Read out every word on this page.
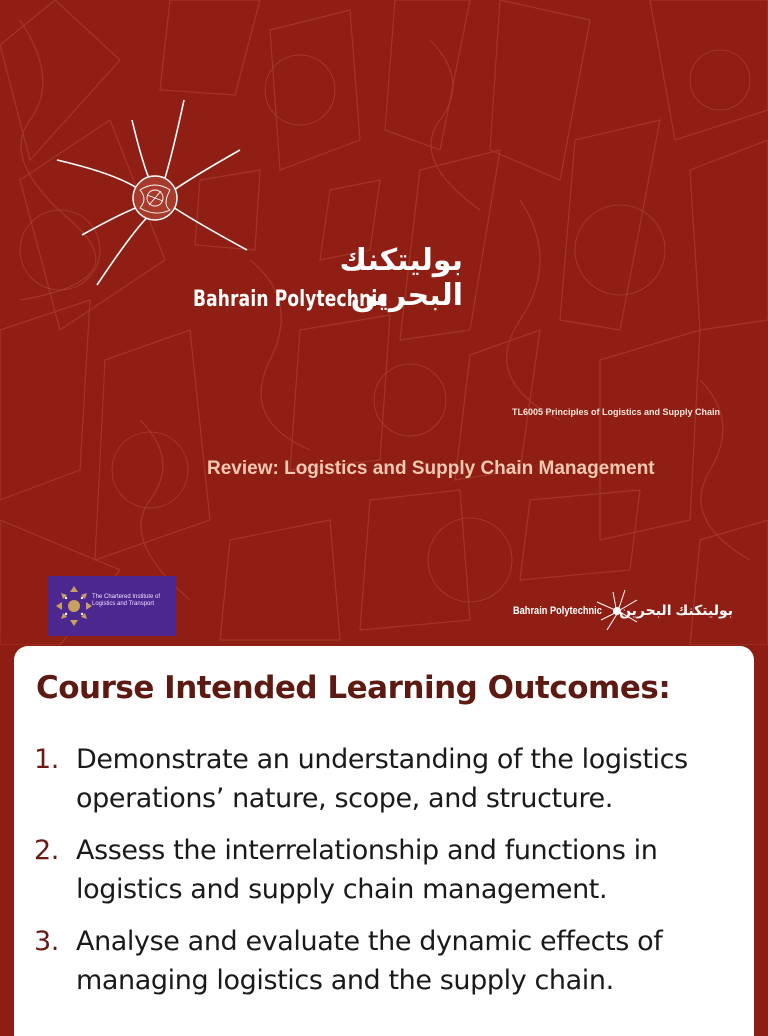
بوليتكنك البحرين
Bahrain Polytechnic
TL6005 Principles of Logistics and Supply Chain
Review: Logistics and Supply Chain Management
The Chartered Institute of Logistics and Transport
Bahrain Polytechnic بوليتكنك البحرين
Course Intended Learning Outcomes:
1. Demonstrate an understanding of the logistics operations’ nature, scope, and structure.
2. Assess the interrelationship and functions in logistics and supply chain management.
3. Analyse and evaluate the dynamic effects of managing logistics and the supply chain.
